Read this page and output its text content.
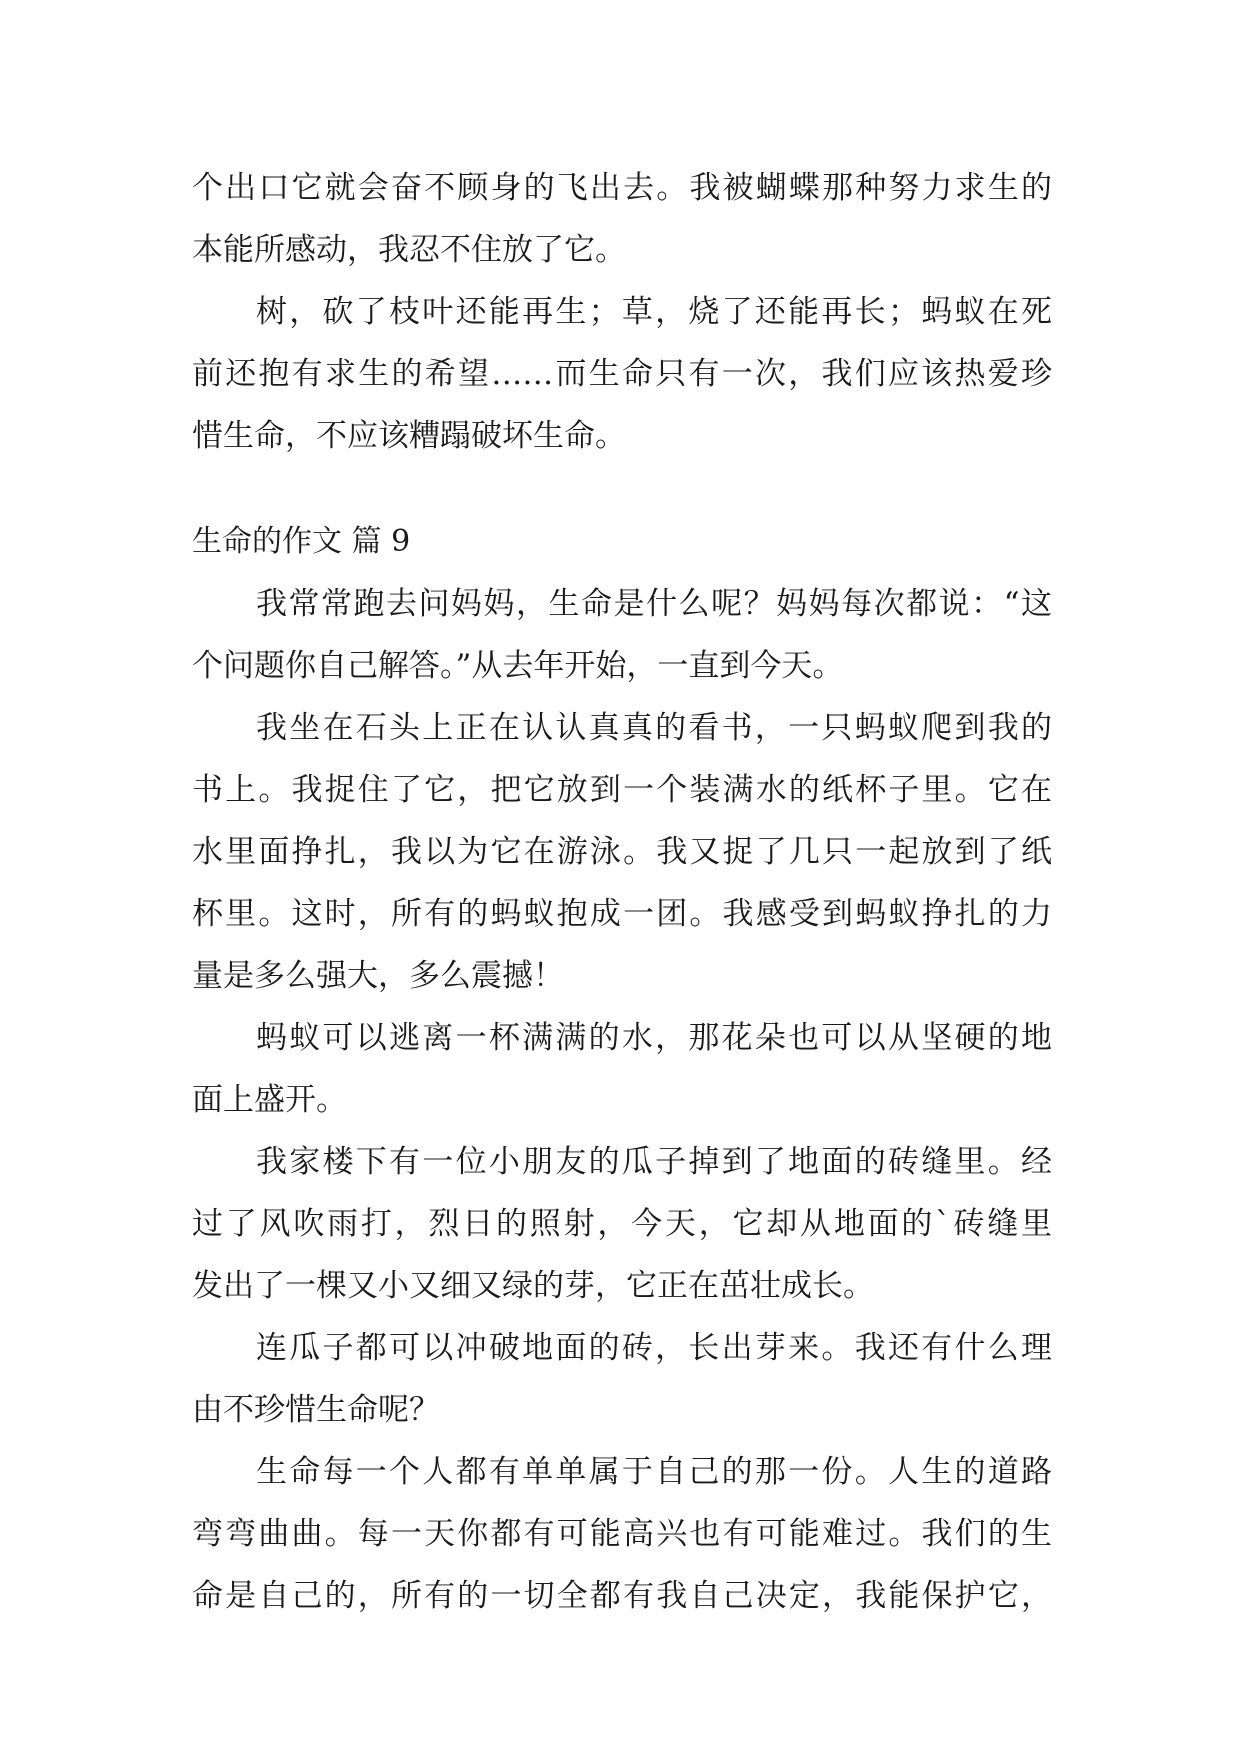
个出口它就会奋不顾身的飞出去。我被蝴蝶那种努力求生的
本能所感动，我忍不住放了它。
树，砍了枝叶还能再生；草，烧了还能再长；蚂蚁在死
前还抱有求生的希望……而生命只有一次，我们应该热爱珍
惜生命，不应该糟蹋破坏生命。
生命的作文 篇 9
我常常跑去问妈妈，生命是什么呢？妈妈每次都说：“这
个问题你自己解答。”从去年开始，一直到今天。
我坐在石头上正在认认真真的看书，一只蚂蚁爬到我的
书上。我捉住了它，把它放到一个装满水的纸杯子里。它在
水里面挣扎，我以为它在游泳。我又捉了几只一起放到了纸
杯里。这时，所有的蚂蚁抱成一团。我感受到蚂蚁挣扎的力
量是多么强大，多么震撼！
蚂蚁可以逃离一杯满满的水，那花朵也可以从坚硬的地
面上盛开。
我家楼下有一位小朋友的瓜子掉到了地面的砖缝里。经
过了风吹雨打，烈日的照射，今天，它却从地面的`砖缝里
发出了一棵又小又细又绿的芽，它正在茁壮成长。
连瓜子都可以冲破地面的砖，长出芽来。我还有什么理
由不珍惜生命呢？
生命每一个人都有单单属于自己的那一份。人生的道路
弯弯曲曲。每一天你都有可能高兴也有可能难过。我们的生
命是自己的，所有的一切全都有我自己决定，我能保护它，
